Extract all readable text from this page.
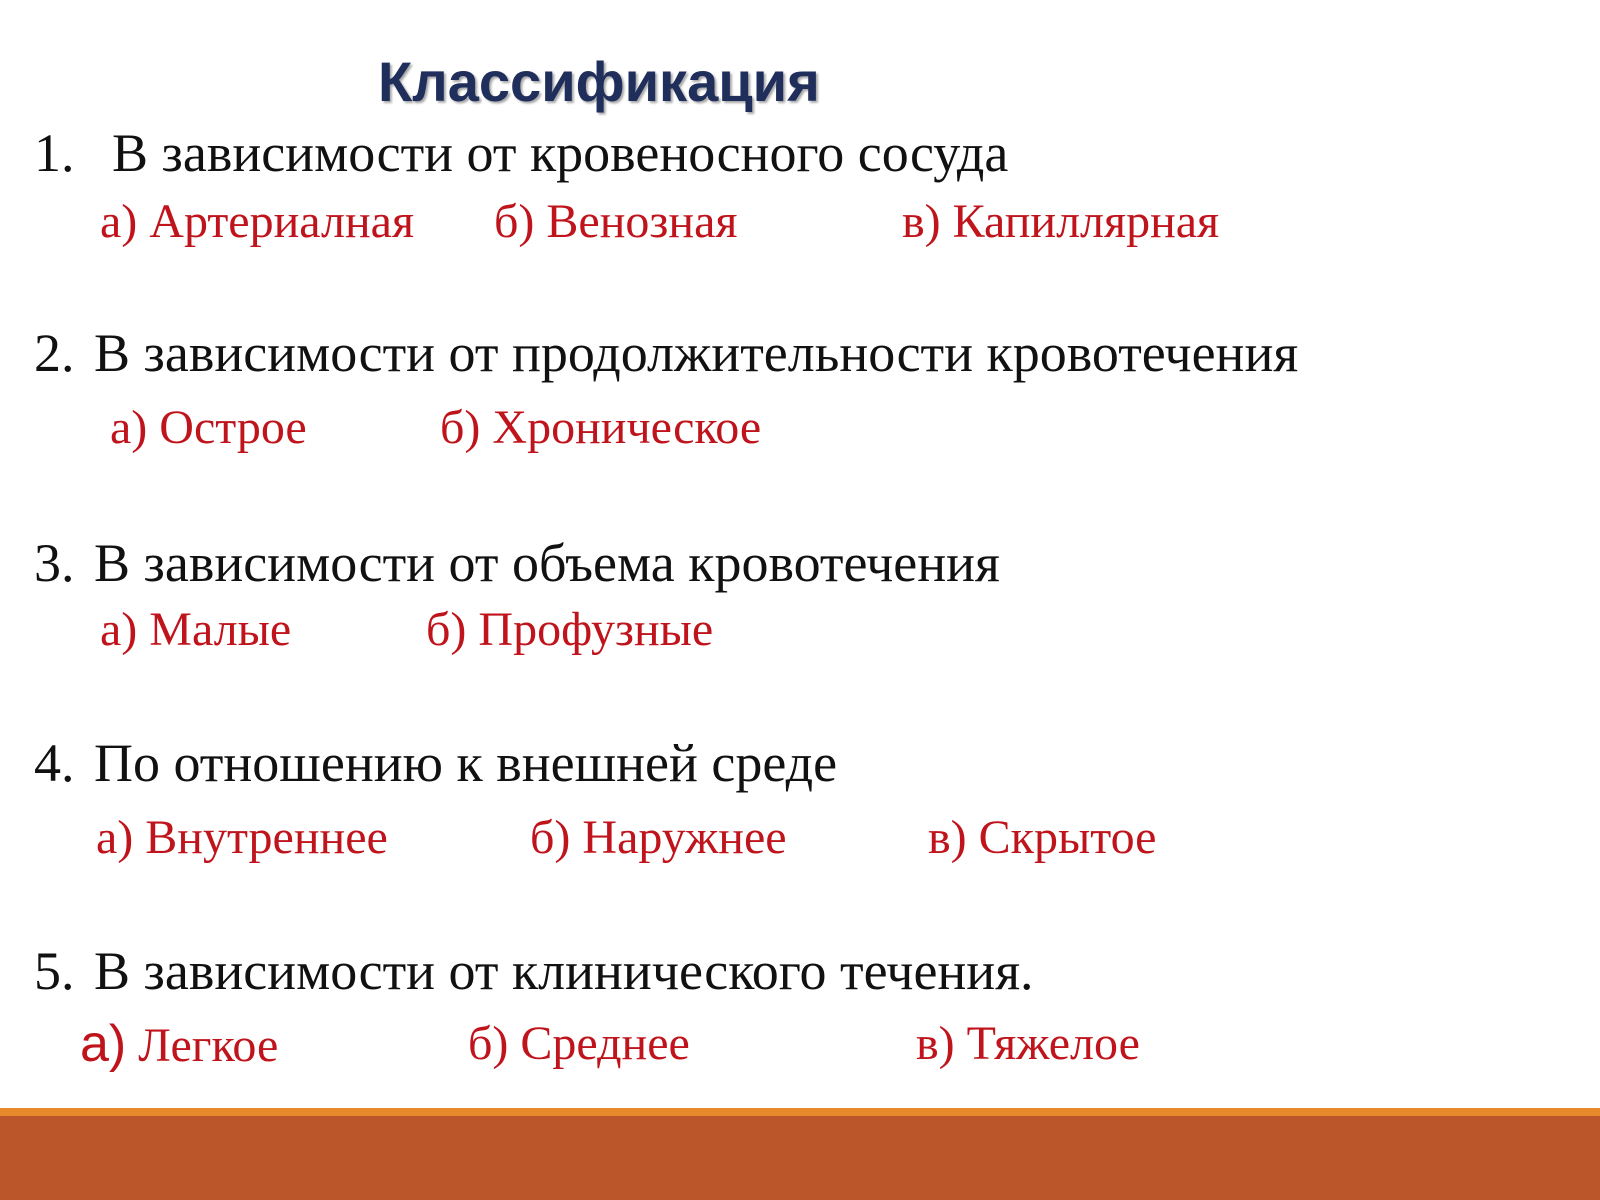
Классификация
1. В зависимости от кровеносного сосуда
а) Артериалная б) Венозная	в) Капиллярная
2. В зависимости от продолжительности кровотечения
а) Острое	б) Хроническое
3. В зависимости от объема кровотечения
а) Малые	б) Профузные
4. По отношению к внешней среде
а) Внутреннее	б) Наружнее	в) Скрытое
5. В зависимости от клинического течения.
а) Легкое	б) Среднее	в) Тяжелое
